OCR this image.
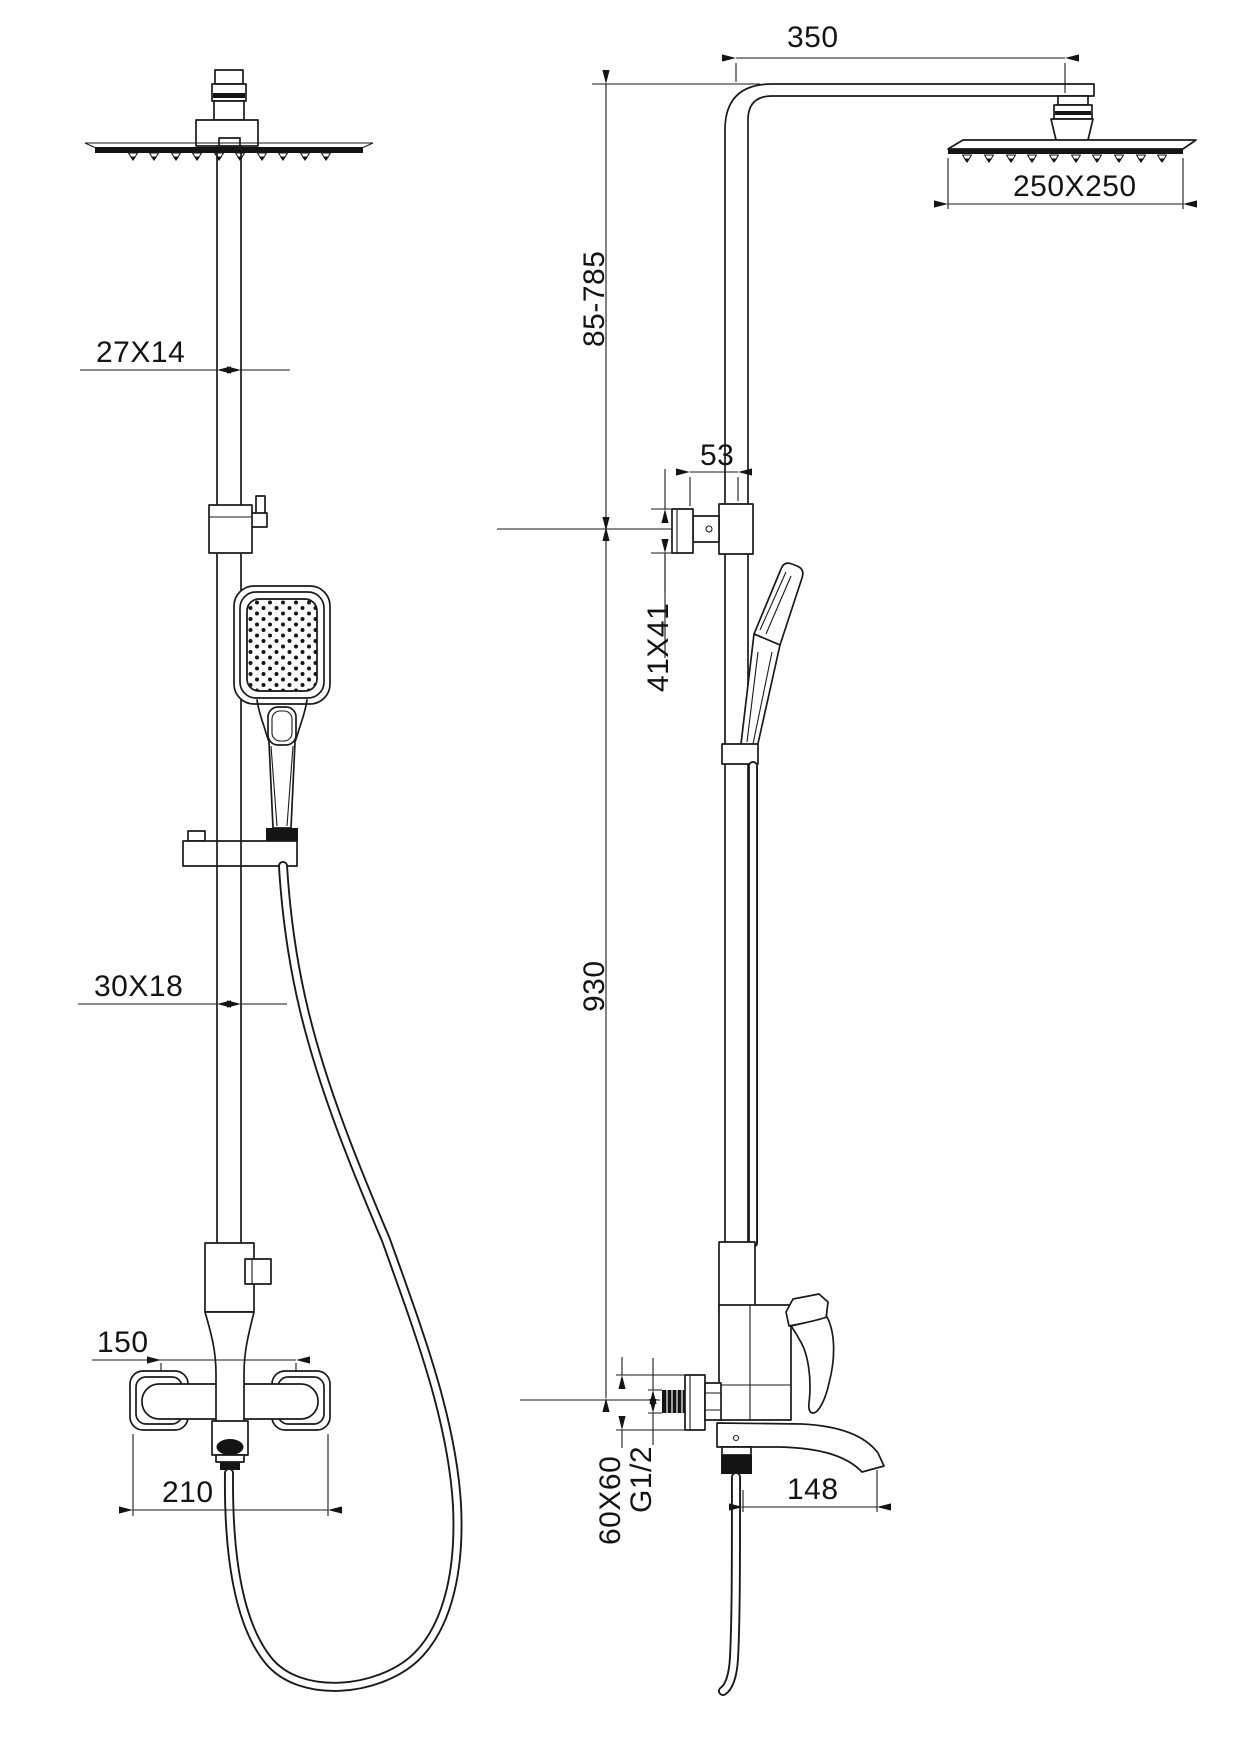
27X14
30X18
150
210
350
250X250
85-785
930
53
41X41
148
60X60
G1/2
